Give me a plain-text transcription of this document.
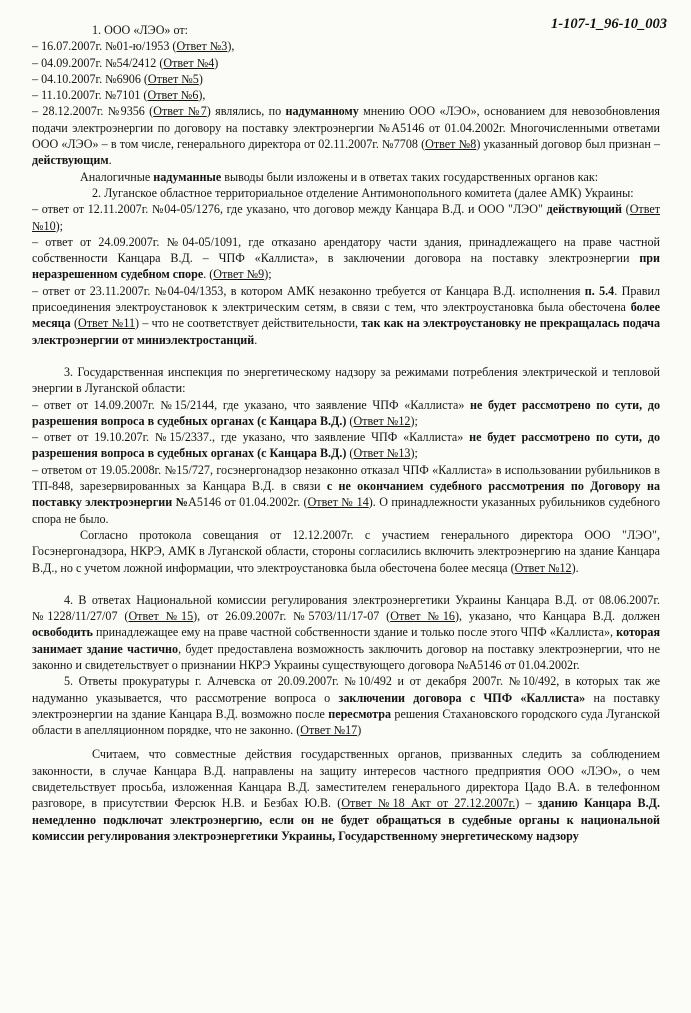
1-107-1_96-10_003

1. ООО «ЛЭО» от:

– 16.07.2007г. №01-ю/1953 (Ответ №3),

– 04.09.2007г. №54/2412 (Ответ №4)

– 04.10.2007г. №6906 (Ответ №5)

– 11.10.2007г. №7101 (Ответ №6),

– 28.12.2007г. №9356 (Ответ №7) являлись, по надуманному мнению ООО «ЛЭО», основанием для невозобновления подачи электроэнергии по договору на поставку электроэнергии №А5146 от 01.04.2002г. Многочисленными ответами ООО «ЛЭО» – в том числе, генерального директора от 02.11.2007г. №7708 (Ответ №8) указанный договор был признан – действующим.

Аналогичные надуманные выводы были изложены и в ответах таких государственных органов как:

2. Луганское областное территориальное отделение Антимонопольного комитета (далее АМК) Украины:

– ответ от 12.11.2007г. №04-05/1276, где указано, что договор между Канцара В.Д. и ООО "ЛЭО" действующий (Ответ №10);

– ответ от 24.09.2007г. №04-05/1091, где отказано арендатору части здания, принадлежащего на праве частной собственности Канцара В.Д. – ЧПФ «Каллиста», в заключении договора на поставку электроэнергии при неразрешенном судебном споре. (Ответ №9);

– ответ от 23.11.2007г. №04-04/1353, в котором АМК незаконно требуется от Канцара В.Д. исполнения п. 5.4. Правил присоединения электроустановок к электрическим сетям, в связи с тем, что электроустановка была обесточена более месяца (Ответ №11) – что не соответствует действительности, так как на электроустановку не прекращалась подача электроэнергии от миниэлектростанций.

3. Государственная инспекция по энергетическому надзору за режимами потребления электрической и тепловой энергии в Луганской области:

– ответ от 14.09.2007г. №15/2144, где указано, что заявление ЧПФ «Каллиста» не будет рассмотрено по сути, до разрешения вопроса в судебных органах (с Канцара В.Д.) (Ответ №12);

– ответ от 19.10.207г. №15/2337., где указано, что заявление ЧПФ «Каллиста» не будет рассмотрено по сути, до разрешения вопроса в судебных органах (с Канцара В.Д.) (Ответ №13);

– ответом от 19.05.2008г. №15/727, госэнергонадзор незаконно отказал ЧПФ «Каллиста» в использовании рубильников в ТП-848, зарезервированных за Канцара В.Д. в связи с не окончанием судебного рассмотрения по Договору на поставку электроэнергии №А5146 от 01.04.2002г. (Ответ № 14). О принадлежности указанных рубильников судебного спора не было.

Согласно протокола совещания от 12.12.2007г. с участием генерального директора ООО "ЛЭО", Госэнергонадзора, НКРЭ, АМК в Луганской области, стороны согласились включить электроэнергию на здание Канцара В.Д., но с учетом ложной информации, что электроустановка была обесточена более месяца (Ответ №12).

4. В ответах Национальной комиссии регулирования электроэнергетики Украины Канцара В.Д. от 08.06.2007г. №1228/11/27/07 (Ответ №15), от 26.09.2007г. №5703/11/17-07 (Ответ №16), указано, что Канцара В.Д. должен освободить принадлежащее ему на праве частной собственности здание и только после этого ЧПФ «Каллиста», которая занимает здание частично, будет предоставлена возможность заключить договор на поставку электроэнергии, что не законно и свидетельствует о признании НКРЭ Украины существующего договора №А5146 от 01.04.2002г.

5. Ответы прокуратуры г. Алчевска от 20.09.2007г. №10/492 и от декабря 2007г. №10/492, в которых так же надуманно указывается, что рассмотрение вопроса о заключении договора с ЧПФ «Каллиста» на поставку электроэнергии на здание Канцара В.Д. возможно после пересмотра решения Стахановского городского суда Луганской области в апелляционном порядке, что не законно. (Ответ №17)

Считаем, что совместные действия государственных органов, призванных следить за соблюдением законности, в случае Канцара В.Д. направлены на защиту интересов частного предприятия ООО «ЛЭО», о чем свидетельствует просьба, изложенная Канцара В.Д. заместителем генерального директора Цадо В.А. в телефонном разговоре, в присутствии Ферсюк Н.В. и Безбах Ю.В. (Ответ №18 Акт от 27.12.2007г.) – зданию Канцара В.Д. немедленно подключат электроэнергию, если он не будет обращаться в судебные органы к национальной комиссии регулирования электроэнергетики Украины, Государственному энергетическому надзору
